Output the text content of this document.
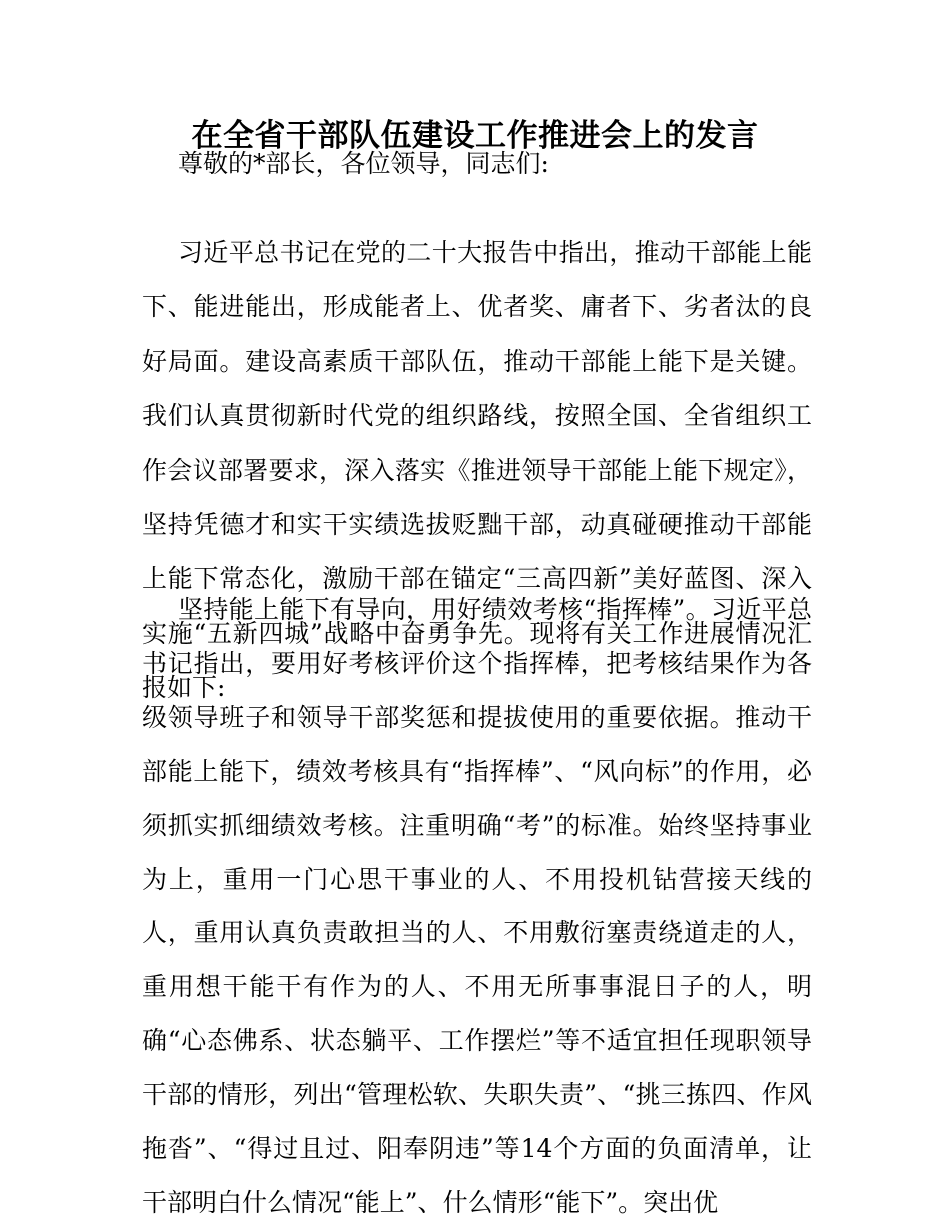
在全省干部队伍建设工作推进会上的发言

尊敬的*部长，各位领导，同志们:

习近平总书记在党的二十大报告中指出，推动干部能上能下、能进能出，形成能者上、优者奖、庸者下、劣者汰的良好局面。建设高素质干部队伍，推动干部能上能下是关键。我们认真贯彻新时代党的组织路线，按照全国、全省组织工作会议部署要求，深入落实《推进领导干部能上能下规定》，坚持凭德才和实干实绩选拔贬黜干部，动真碰硬推动干部能上能下常态化，激励干部在锚定“三高四新”美好蓝图、深入实施“五新四城”战略中奋勇争先。现将有关工作进展情况汇报如下:

坚持能上能下有导向，用好绩效考核“指挥棒”。习近平总书记指出，要用好考核评价这个指挥棒，把考核结果作为各级领导班子和领导干部奖惩和提拔使用的重要依据。推动干部能上能下，绩效考核具有“指挥棒”、“风向标”的作用，必须抓实抓细绩效考核。注重明确“考”的标准。始终坚持事业为上，重用一门心思干事业的人、不用投机钻营接天线的人，重用认真负责敢担当的人、不用敷衍塞责绕道走的人，重用想干能干有作为的人、不用无所事事混日子的人，明确“心态佛系、状态躺平、工作摆烂”等不适宜担任现职领导干部的情形，列出“管理松软、失职失责”、“挑三拣四、作风拖沓”、“得过且过、阳奉阴违”等14个方面的负面清单，让干部明白什么情况“能上”、什么情形“能下”。突出优
